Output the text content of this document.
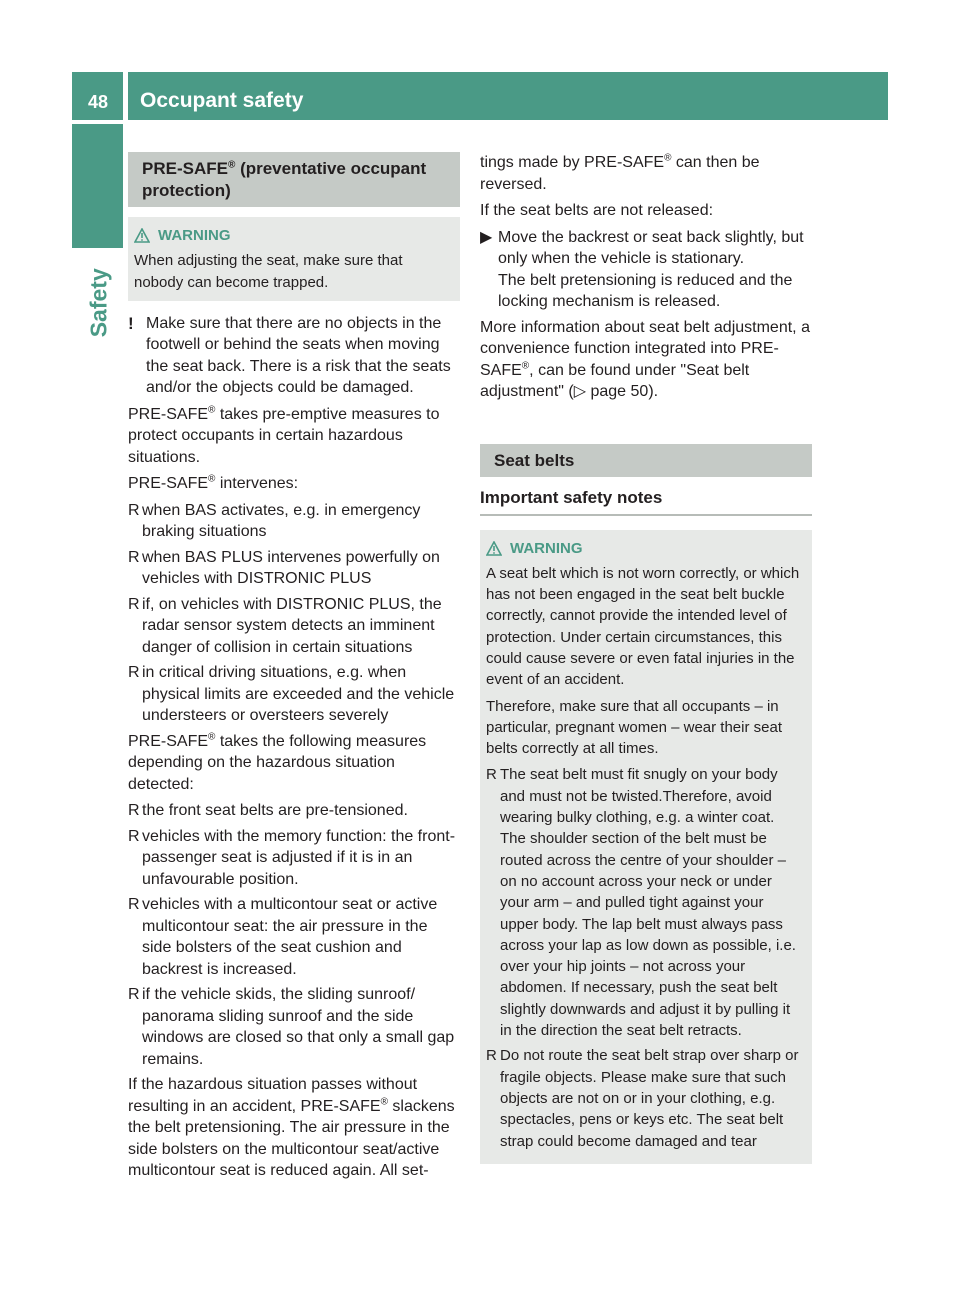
48 Occupant safety
Safety
PRE-SAFE® (preventative occupant protection)
WARNING
When adjusting the seat, make sure that nobody can become trapped.
! Make sure that there are no objects in the footwell or behind the seats when moving the seat back. There is a risk that the seats and/or the objects could be damaged.

PRE-SAFE® takes pre-emptive measures to protect occupants in certain hazardous situations.

PRE-SAFE® intervenes:

R when BAS activates, e.g. in emergency braking situations
R when BAS PLUS intervenes powerfully on vehicles with DISTRONIC PLUS
R if, on vehicles with DISTRONIC PLUS, the radar sensor system detects an imminent danger of collision in certain situations
R in critical driving situations, e.g. when physical limits are exceeded and the vehicle understeers or oversteers severely

PRE-SAFE® takes the following measures depending on the hazardous situation detected:

R the front seat belts are pre-tensioned.
R vehicles with the memory function: the front-passenger seat is adjusted if it is in an unfavourable position.
R vehicles with a multicontour seat or active multicontour seat: the air pressure in the side bolsters of the seat cushion and backrest is increased.
R if the vehicle skids, the sliding sunroof/ panorama sliding sunroof and the side windows are closed so that only a small gap remains.

If the hazardous situation passes without resulting in an accident, PRE-SAFE® slackens the belt pretensioning. The air pressure in the side bolsters on the multicontour seat/active multicontour seat is reduced again. All set-

tings made by PRE-SAFE® can then be reversed.

If the seat belts are not released:

▶ Move the backrest or seat back slightly, but only when the vehicle is stationary.
The belt pretensioning is reduced and the locking mechanism is released.

More information about seat belt adjustment, a convenience function integrated into PRE-SAFE®, can be found under "Seat belt adjustment" (▷ page 50).

Seat belts
Important safety notes
WARNING

A seat belt which is not worn correctly, or which has not been engaged in the seat belt buckle correctly, cannot provide the intended level of protection. Under certain circumstances, this could cause severe or even fatal injuries in the event of an accident.

Therefore, make sure that all occupants – in particular, pregnant women – wear their seat belts correctly at all times.

R The seat belt must fit snugly on your body and must not be twisted.Therefore, avoid wearing bulky clothing, e.g. a winter coat. The shoulder section of the belt must be routed across the centre of your shoulder – on no account across your neck or under your arm – and pulled tight against your upper body. The lap belt must always pass across your lap as low down as possible, i.e. over your hip joints – not across your abdomen. If necessary, push the seat belt slightly downwards and adjust it by pulling it in the direction the seat belt retracts.
R Do not route the seat belt strap over sharp or fragile objects. Please make sure that such objects are not on or in your clothing, e.g. spectacles, pens or keys etc. The seat belt strap could become damaged and tear
